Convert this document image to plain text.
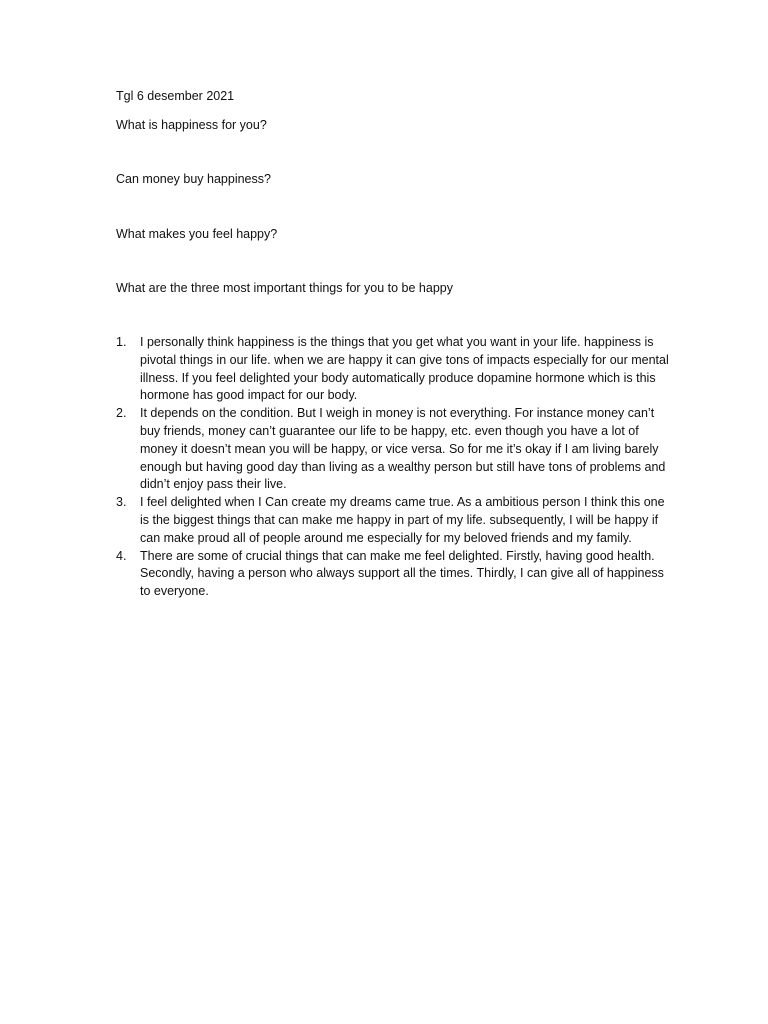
Tgl 6 desember 2021
What is happiness for you?
Can money buy happiness?
What makes you feel happy?
What are the three most important things for you to be happy
1. I personally think happiness is the things that you get what you want in your life. happiness is pivotal things in our life. when we are happy it can give tons of impacts especially for our mental illness. If you feel delighted your body automatically produce dopamine hormone which is this hormone has good impact for our body.
2. It depends on the condition. But I weigh in money is not everything. For instance money can’t buy friends, money can’t guarantee our life to be happy, etc. even though you have a lot of money it doesn’t mean you will be happy, or vice versa. So for me it’s okay if I am living barely enough but having good day than living as a wealthy person but still have tons of problems and didn’t enjoy pass their live.
3. I feel delighted when I Can create my dreams came true. As a ambitious person I think this one is the biggest things that can make me happy in part of my life. subsequently, I will be happy if can make proud all of people around me especially for my beloved friends and my family.
4. There are some of crucial things that can make me feel delighted. Firstly, having good health. Secondly, having a person who always support all the times. Thirdly, I can give all of happiness to everyone.
